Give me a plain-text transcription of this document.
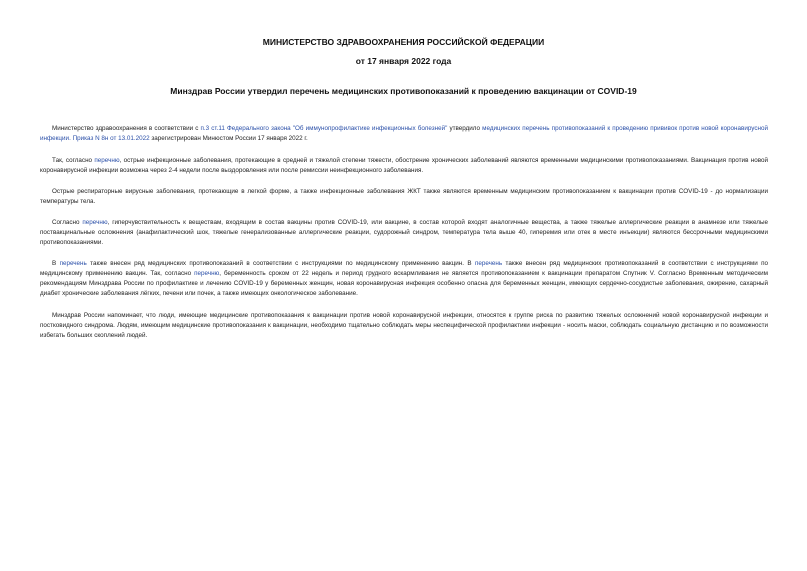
МИНИСТЕРСТВО ЗДРАВООХРАНЕНИЯ РОССИЙСКОЙ ФЕДЕРАЦИИ
от 17 января 2022 года
Минздрав России утвердил перечень медицинских противопоказаний к проведению вакцинации от COVID-19
Министерство здравоохранения в соответствии с п.3 ст.11 Федерального закона "Об иммунопрофилактике инфекционных болезней" утвердило медицинских перечень противопоказаний к проведению прививок против новой коронавирусной инфекции. Приказ N 8н от 13.01.2022 зарегистрирован Минюстом России 17 января 2022 г.
Так, согласно перечню, острые инфекционные заболевания, протекающие в средней и тяжелой степени тяжести, обострение хронических заболеваний являются временными медицинскими противопоказаниями. Вакцинация против новой коронавирусной инфекции возможна через 2-4 недели после выздоровления или после ремиссии неинфекционного заболевания.
Острые респираторные вирусные заболевания, протекающие в легкой форме, а также инфекционные заболевания ЖКТ также являются временным медицинским противопоказанием к вакцинации против COVID-19 - до нормализации температуры тела.
Согласно перечню, гиперчувствительность к веществам, входящим в состав вакцины против COVID-19, или вакцине, в состав которой входят аналогичные вещества, а также тяжелые аллергические реакции в анамнезе или тяжелые поствакцинальные осложнения (анафилактический шок, тяжелые генерализованные аллергические реакции, судорожный синдром, температура тела выше 40, гиперемия или отек в месте инъекции) являются бессрочными медицинскими противопоказаниями.
В перечень также внесен ряд медицинских противопоказаний в соответствии с инструкциями по медицинскому применению вакцин. В перечень также внесен ряд медицинских противопоказаний в соответствии с инструкциями по медицинскому применению вакцин. Так, согласно перечню, беременность сроком от 22 недель и период грудного вскармливания не является противопоказанием к вакцинации препаратом Спутник V. Согласно Временным методическим рекомендациям Минздрава России по профилактике и лечению COVID-19 у беременных женщин, новая коронавирусная инфекция особенно опасна для беременных женщин, имеющих сердечно-сосудистые заболевания, ожирение, сахарный диабет хронические заболевания лёгких, печени или почек, а также имеющих онкологическое заболевание.
Минздрав России напоминает, что люди, имеющие медицинские противопоказания к вакцинации против новой коронавирусной инфекции, относятся к группе риска по развитию тяжелых осложнений новой коронавирусной инфекции и постковидного синдрома. Людям, имеющим медицинские противопоказания к вакцинации, необходимо тщательно соблюдать меры неспецифической профилактики инфекции - носить маски, соблюдать социальную дистанцию и по возможности избегать больших скоплений людей.
